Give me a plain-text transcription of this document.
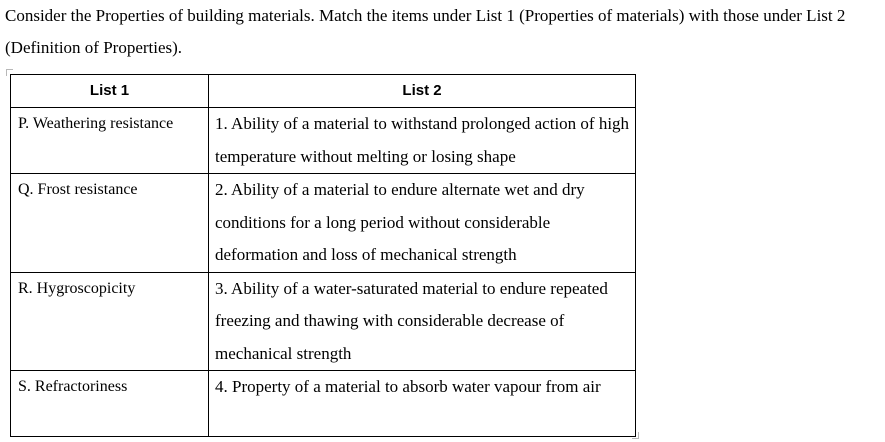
Consider the Properties of building materials. Match the items under List 1 (Properties of materials) with those under List 2 (Definition of Properties).

List 1	List 2
P. Weathering resistance	1. Ability of a material to withstand prolonged action of high temperature without melting or losing shape
Q. Frost resistance	2. Ability of a material to endure alternate wet and dry conditions for a long period without considerable deformation and loss of mechanical strength
R. Hygroscopicity	3. Ability of a water-saturated material to endure repeated freezing and thawing with considerable decrease of mechanical strength
S. Refractoriness	4. Property of a material to absorb water vapour from air
